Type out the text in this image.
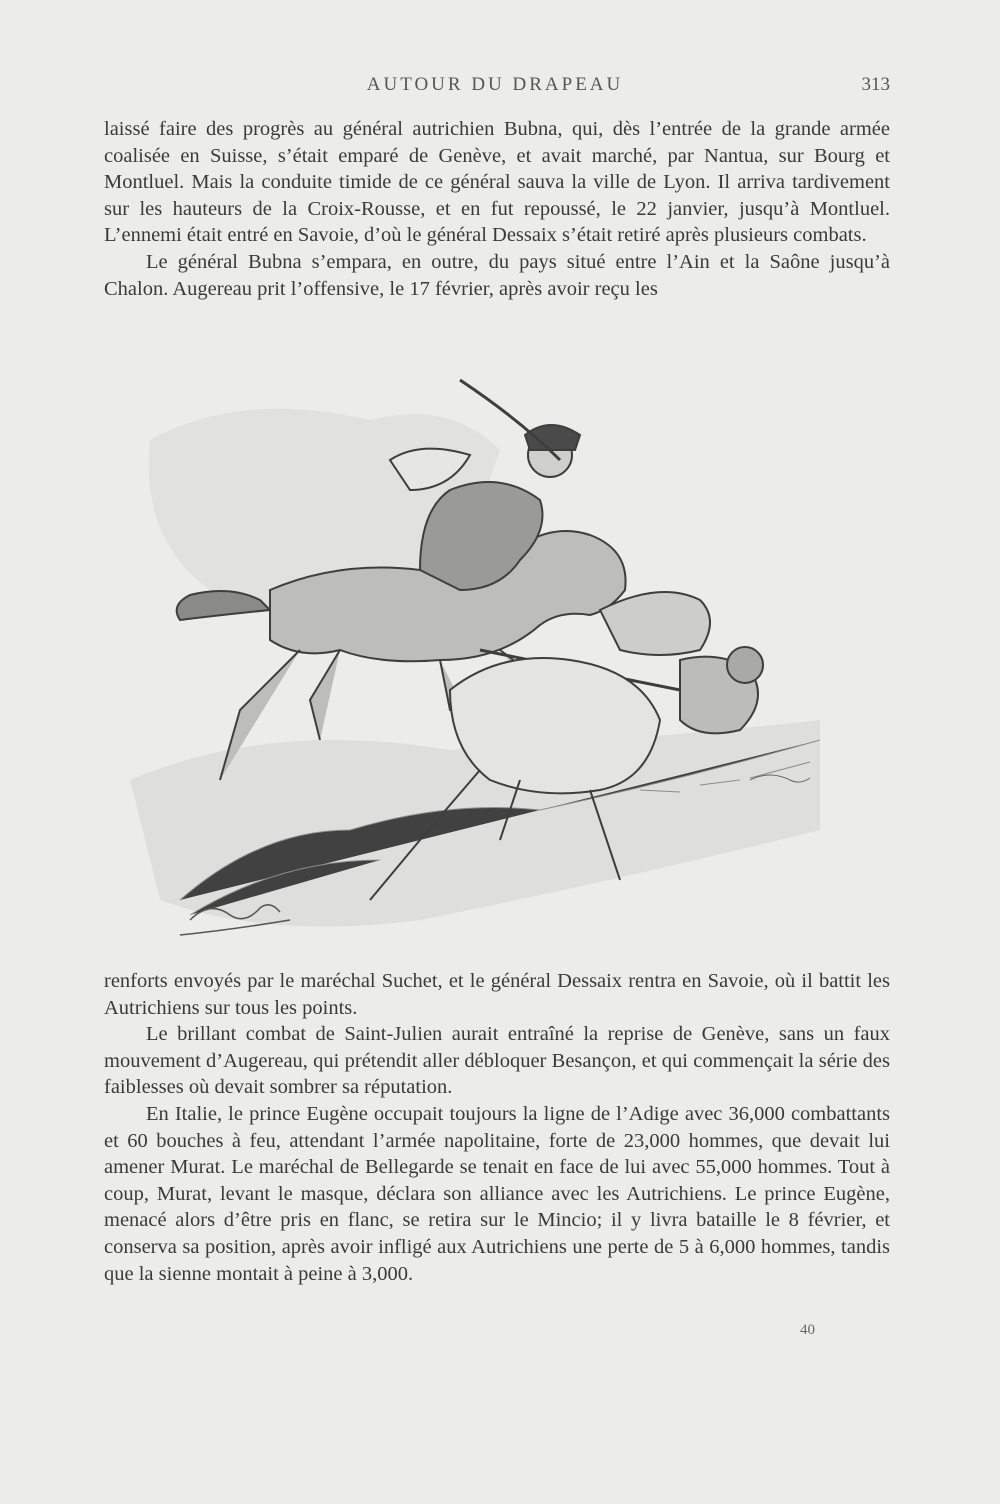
AUTOUR DU DRAPEAU	313

laissé faire des progrès au général autrichien Bubna, qui, dès l’entrée de la grande armée coalisée en Suisse, s’était emparé de Genève, et avait marché, par Nantua, sur Bourg et Montluel. Mais la conduite timide de ce général sauva la ville de Lyon. Il arriva tardivement sur les hauteurs de la Croix-Rousse, et en fut repoussé, le 22 janvier, jusqu’à Montluel. L’ennemi était entré en Savoie, d’où le général Dessaix s’était retiré après plusieurs combats.

Le général Bubna s’empara, en outre, du pays situé entre l’Ain et la Saône jusqu’à Chalon. Augereau prit l’offensive, le 17 février, après avoir reçu les

renforts envoyés par le maréchal Suchet, et le général Dessaix rentra en Savoie, où il battit les Autrichiens sur tous les points.

Le brillant combat de Saint-Julien aurait entraîné la reprise de Genève, sans un faux mouvement d’Augereau, qui prétendit aller débloquer Besançon, et qui commençait la série des faiblesses où devait sombrer sa réputation.

En Italie, le prince Eugène occupait toujours la ligne de l’Adige avec 36,000 combattants et 60 bouches à feu, attendant l’armée napolitaine, forte de 23,000 hommes, que devait lui amener Murat. Le maréchal de Bellegarde se tenait en face de lui avec 55,000 hommes. Tout à coup, Murat, levant le masque, déclara son alliance avec les Autrichiens. Le prince Eugène, menacé alors d’être pris en flanc, se retira sur le Mincio; il y livra bataille le 8 février, et conserva sa position, après avoir infligé aux Autrichiens une perte de 5 à 6,000 hommes, tandis que la sienne montait à peine à 3,000.

40
